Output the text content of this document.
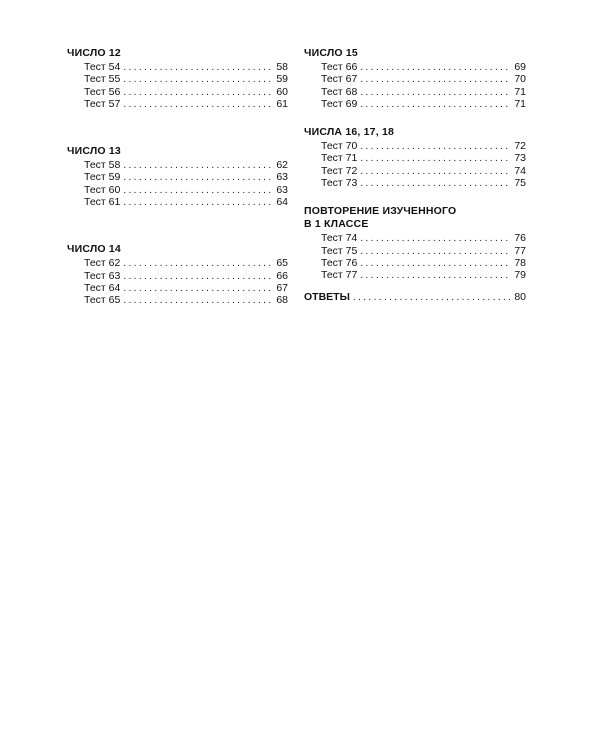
ЧИСЛО 12
Тест 54 .....	58
Тест 55 .....	59
Тест 56 .....	60
Тест 57 .....	61
ЧИСЛО 13
Тест 58 .....	62
Тест 59 .....	63
Тест 60 .....	63
Тест 61 .....	64
ЧИСЛО 14
Тест 62 .....	65
Тест 63 .....	66
Тест 64 .....	67
Тест 65 .....	68
ЧИСЛО 15
Тест 66 .....	69
Тест 67 .....	70
Тест 68 .....	71
Тест 69 .....	71
ЧИСЛА 16, 17, 18
Тест 70 .....	72
Тест 71 .....	73
Тест 72 .....	74
Тест 73 .....	75
ПОВТОРЕНИЕ ИЗУЧЕННОГО
В 1 КЛАССЕ
Тест 74 .....	76
Тест 75 .....	77
Тест 76 .....	78
Тест 77 .....	79
ОТВЕТЫ .....	80
